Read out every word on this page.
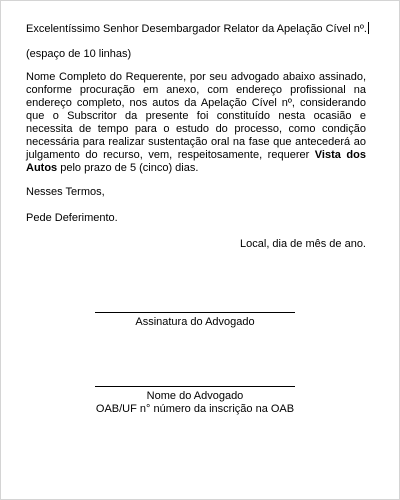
Excelentíssimo Senhor Desembargador Relator da Apelação Cível nº.

(espaço de 10 linhas)

Nome Completo do Requerente, por seu advogado abaixo assinado, conforme procuração em anexo, com endereço profissional na endereço completo, nos autos da Apelação Cível nº, considerando que o Subscritor da presente foi constituído nesta ocasião e necessita de tempo para o estudo do processo, como condição necessária para realizar sustentação oral na fase que antecederá ao julgamento do recurso, vem, respeitosamente, requerer Vista dos Autos pelo prazo de 5 (cinco) dias.

Nesses Termos,

Pede Deferimento.

Local, dia de mês de ano.

Assinatura do Advogado
Nome do Advogado
OAB/UF n° número da inscrição na OAB
